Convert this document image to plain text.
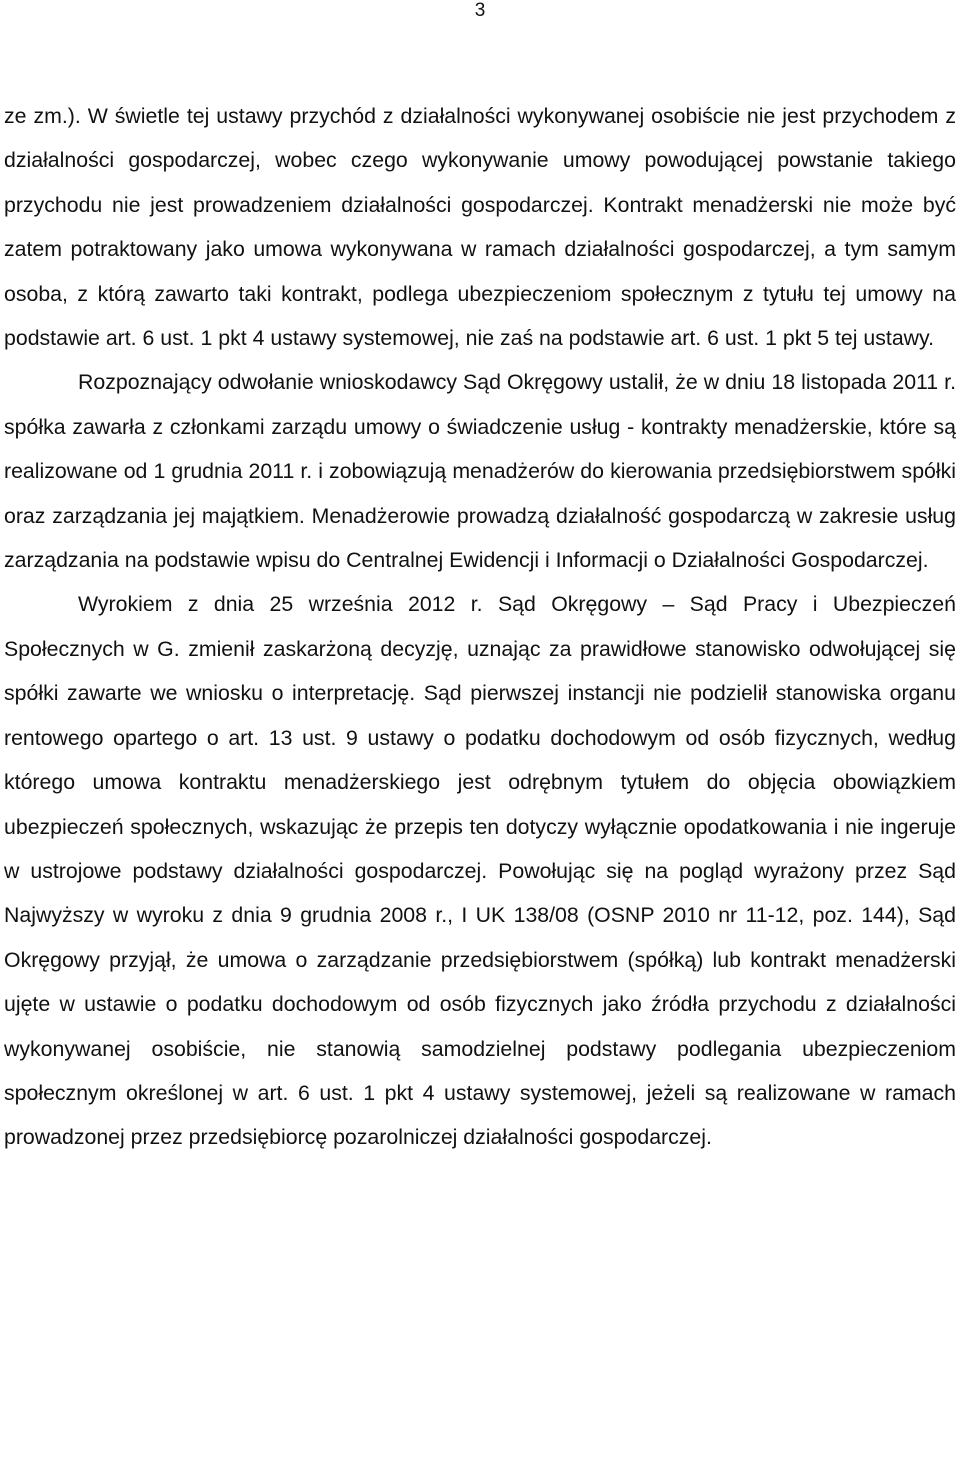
3

ze zm.). W świetle tej ustawy przychód z działalności wykonywanej osobiście nie jest przychodem z działalności gospodarczej, wobec czego wykonywanie umowy powodującej powstanie takiego przychodu nie jest prowadzeniem działalności gospodarczej. Kontrakt menadżerski nie może być zatem potraktowany jako umowa wykonywana w ramach działalności gospodarczej, a tym samym osoba, z którą zawarto taki kontrakt, podlega ubezpieczeniom społecznym z tytułu tej umowy na podstawie art. 6 ust. 1 pkt 4 ustawy systemowej, nie zaś na podstawie art. 6 ust. 1 pkt 5 tej ustawy.

Rozpoznający odwołanie wnioskodawcy Sąd Okręgowy ustalił, że w dniu 18 listopada 2011 r. spółka zawarła z członkami zarządu umowy o świadczenie usług - kontrakty menadżerskie, które są realizowane od 1 grudnia 2011 r. i zobowiązują menadżerów do kierowania przedsiębiorstwem spółki oraz zarządzania jej majątkiem. Menadżerowie prowadzą działalność gospodarczą w zakresie usług zarządzania na podstawie wpisu do Centralnej Ewidencji i Informacji o Działalności Gospodarczej.

Wyrokiem z dnia 25 września 2012 r. Sąd Okręgowy – Sąd Pracy i Ubezpieczeń Społecznych w G. zmienił zaskarżoną decyzję, uznając za prawidłowe stanowisko odwołującej się spółki zawarte we wniosku o interpretację. Sąd pierwszej instancji nie podzielił stanowiska organu rentowego opartego o art. 13 ust. 9 ustawy o podatku dochodowym od osób fizycznych, według którego umowa kontraktu menadżerskiego jest odrębnym tytułem do objęcia obowiązkiem ubezpieczeń społecznych, wskazując że przepis ten dotyczy wyłącznie opodatkowania i nie ingeruje w ustrojowe podstawy działalności gospodarczej. Powołując się na pogląd wyrażony przez Sąd Najwyższy w wyroku z dnia 9 grudnia 2008 r., I UK 138/08 (OSNP 2010 nr 11-12, poz. 144), Sąd Okręgowy przyjął, że umowa o zarządzanie przedsiębiorstwem (spółką) lub kontrakt menadżerski ujęte w ustawie o podatku dochodowym od osób fizycznych jako źródła przychodu z działalności wykonywanej osobiście, nie stanowią samodzielnej podstawy podlegania ubezpieczeniom społecznym określonej w art. 6 ust. 1 pkt 4 ustawy systemowej, jeżeli są realizowane w ramach prowadzonej przez przedsiębiorcę pozarolniczej działalności gospodarczej.
